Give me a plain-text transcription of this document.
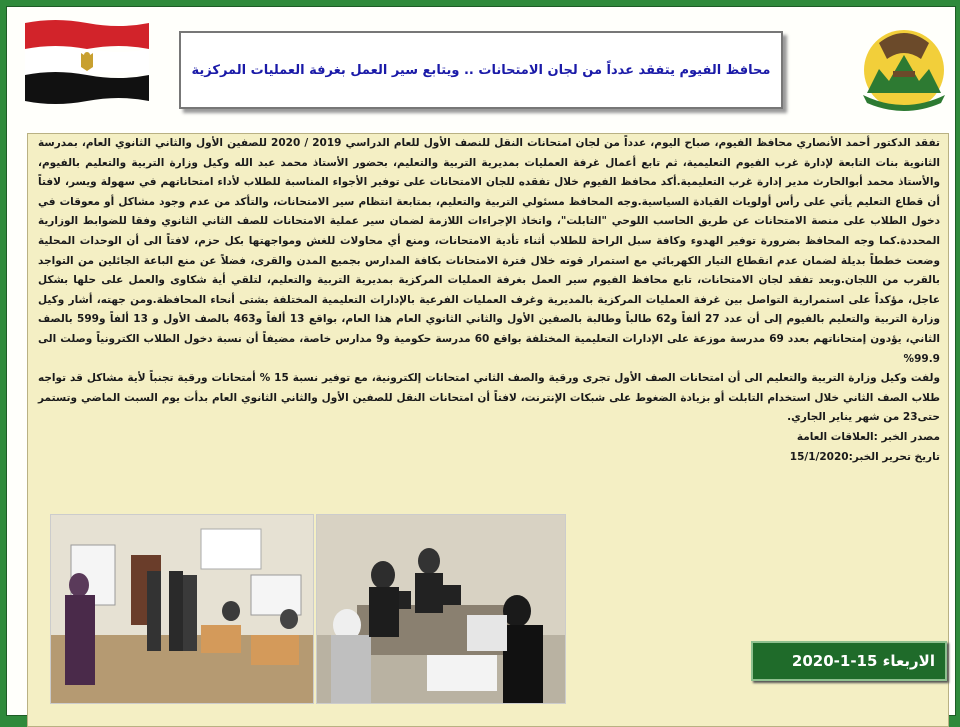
محافظ الفيوم يتفقد عدداً من لجان الامتحانات .. ويتابع سير العمل بغرفة العمليات المركزية

تفقد الدكتور أحمد الأنصاري محافظ الفيوم، صباح اليوم، عدداً من لجان امتحانات النقل للنصف الأول للعام الدراسي 2019 / 2020 للصفين الأول والثاني الثانوي العام، بمدرسة الثانوية بنات التابعة لإدارة غرب الفيوم التعليمية، ثم تابع أعمال غرفة العمليات بمديرية التربية والتعليم، بحضور الأستاذ محمد عبد الله وكيل وزارة التربية والتعليم بالفيوم، والأستاذ محمد أبوالحارث مدير إدارة غرب التعليمية.أكد محافظ الفيوم خلال تفقده للجان الامتحانات على توفير الأجواء المناسبة للطلاب لأداء امتحاناتهم في سهولة ويسر، لافتاً أن قطاع التعليم يأتي على رأس أولويات القيادة السياسية.وجه المحافظ مسئولي التربية والتعليم، بمتابعة انتظام سير الامتحانات، والتأكد من عدم وجود مشاكل أو معوقات في دخول الطلاب على منصة الامتحانات عن طريق الحاسب اللوحي "التابلت"، واتخاذ الإجراءات اللازمة لضمان سير عملية الامتحانات للصف الثاني الثانوي وفقا للضوابط الوزارية المحددة.كما وجه المحافظ بضرورة توفير الهدوء وكافة سبل الراحة للطلاب أثناء تأدية الامتحانات، ومنع أي محاولات للغش ومواجهتها بكل حزم، لافتاً الى أن الوحدات المحلية وضعت خططاً بديلة لضمان عدم انقطاع التيار الكهربائي مع استمرار قوته خلال فترة الامتحانات بكافة المدارس بجميع المدن والقرى، فضلاً عن منع الباعة الجائلين من التواجد بالقرب من اللجان.وبعد تفقد لجان الامتحانات، تابع محافظ الفيوم سير العمل بغرفة العمليات المركزية بمديرية التربية والتعليم، لتلقي أية شكاوى والعمل على حلها بشكل عاجل، مؤكداً على استمرارية التواصل بين غرفة العمليات المركزية بالمديرية وغرف العمليات الفرعية بالإدارات التعليمية المختلفة بشتى أنحاء المحافظة.ومن جهته، أشار وكيل وزارة التربية والتعليم بالفيوم إلى أن عدد 27 ألفاً و62 طالباً وطالبة بالصفين الأول والثاني الثانوي العام هذا العام، بواقع 13 ألفاً و463 بالصف الأول و 13 ألفاً و599 بالصف الثاني، يؤدون إمتحاناتهم بعدد 69 مدرسة موزعة على الإدارات التعليمية المختلفة بواقع 60 مدرسة حكومية و9 مدارس خاصة، مضيفاً أن نسبة دخول الطلاب الكترونياً وصلت الى 99.9%

ولفت وكيل وزارة التربية والتعليم الى أن امتحانات الصف الأول تجرى ورقية والصف الثاني امتحانات إلكترونية، مع توفير نسبة 15 % أمتحانات ورقية تجنباً لأية مشاكل قد تواجه طلاب الصف الثاني خلال استخدام التابلت أو بزيادة الضغوط على شبكات الإنترنت، لافتاً أن امتحانات النقل للصفين الأول والثاني الثانوي العام بدأت يوم السبت الماضي وتستمر حتى23 من شهر يناير الجاري.

مصدر الخبر :العلاقات العامة

تاريخ تحرير الخبر:15/1/2020

الاربعاء 15-1-2020
